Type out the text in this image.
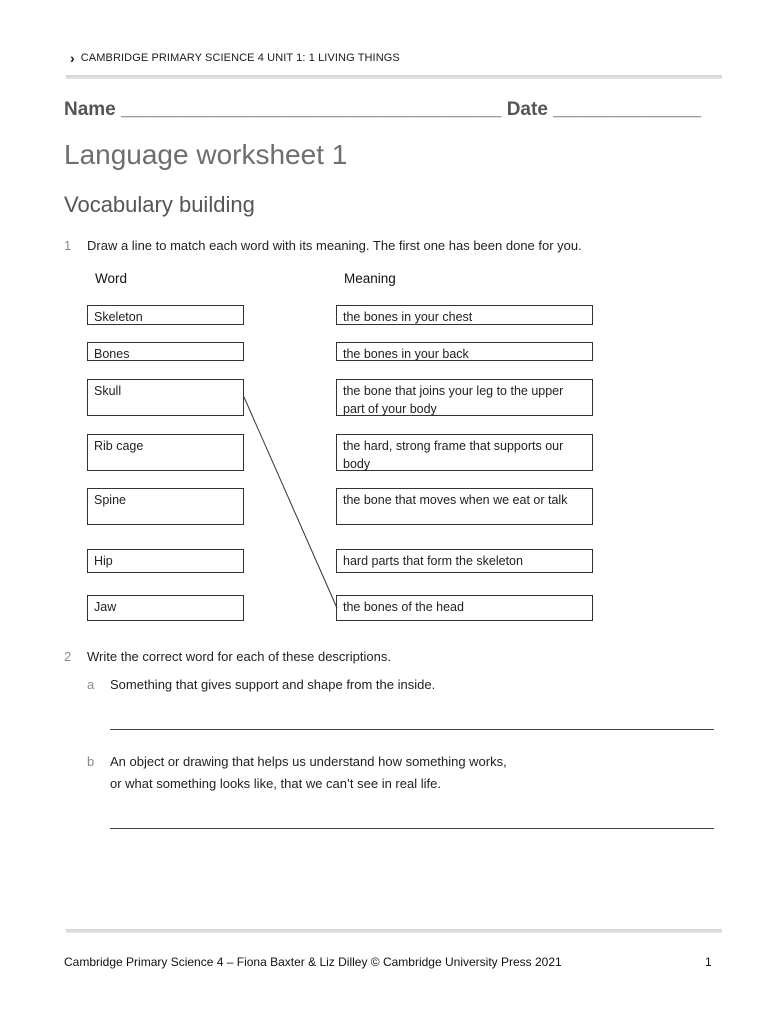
› CAMBRIDGE PRIMARY SCIENCE 4 UNIT 1: 1 LIVING THINGS
Name ____________________________________ Date ______________
Language worksheet 1
Vocabulary building
1 Draw a line to match each word with its meaning. The first one has been done for you.
Word	Meaning
Skeleton
Bones
Skull
Rib cage
Spine
Hip
Jaw
the bones in your chest
the bones in your back
the bone that joins your leg to the upper part of your body
the hard, strong frame that supports our body
the bone that moves when we eat or talk
hard parts that form the skeleton
the bones of the head
2 Write the correct word for each of these descriptions.
a Something that gives support and shape from the inside.
b An object or drawing that helps us understand how something works,
or what something looks like, that we can’t see in real life.
Cambridge Primary Science 4 – Fiona Baxter & Liz Dilley © Cambridge University Press 2021	1
